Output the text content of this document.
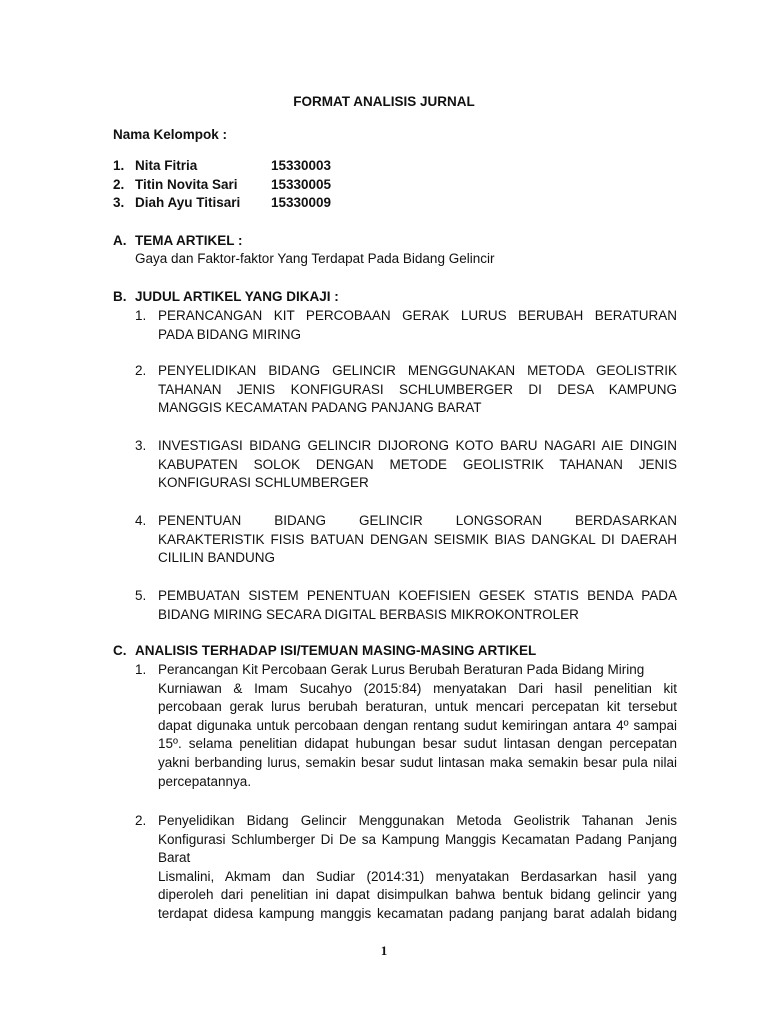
FORMAT ANALISIS JURNAL
Nama Kelompok :
1. Nita Fitria	15330003
2. Titin Novita Sari 15330005
3. Diah Ayu Titisari 15330009
A. TEMA ARTIKEL :
Gaya dan Faktor-faktor Yang Terdapat Pada Bidang Gelincir
B. JUDUL ARTIKEL YANG DIKAJI :
1. PERANCANGAN KIT PERCOBAAN GERAK LURUS BERUBAH BERATURAN
PADA BIDANG MIRING
2. PENYELIDIKAN BIDANG GELINCIR MENGGUNAKAN METODA GEOLISTRIK
TAHANAN JENIS KONFIGURASI SCHLUMBERGER DI DESA KAMPUNG
MANGGIS KECAMATAN PADANG PANJANG BARAT
3. INVESTIGASI BIDANG GELINCIR DIJORONG KOTO BARU NAGARI AIE DINGIN
KABUPATEN SOLOK DENGAN METODE GEOLISTRIK TAHANAN JENIS
KONFIGURASI SCHLUMBERGER
4. PENENTUAN BIDANG GELINCIR LONGSORAN BERDASARKAN
KARAKTERISTIK FISIS BATUAN DENGAN SEISMIK BIAS DANGKAL DI DAERAH
CILILIN BANDUNG
5. PEMBUATAN SISTEM PENENTUAN KOEFISIEN GESEK STATIS BENDA PADA
BIDANG MIRING SECARA DIGITAL BERBASIS MIKROKONTROLER
C. ANALISIS TERHADAP ISI/TEMUAN MASING-MASING ARTIKEL
1. Perancangan Kit Percobaan Gerak Lurus Berubah Beraturan Pada Bidang Miring
Kurniawan & Imam Sucahyo (2015:84) menyatakan Dari hasil penelitian kit
percobaan gerak lurus berubah beraturan, untuk mencari percepatan kit tersebut
dapat digunaka untuk percobaan dengan rentang sudut kemiringan antara 4º sampai
15º. selama penelitian didapat hubungan besar sudut lintasan dengan percepatan
yakni berbanding lurus, semakin besar sudut lintasan maka semakin besar pula nilai
percepatannya.
2. Penyelidikan Bidang Gelincir Menggunakan Metoda Geolistrik Tahanan Jenis
Konfigurasi Schlumberger Di De sa Kampung Manggis Kecamatan Padang Panjang
Barat
Lismalini, Akmam dan Sudiar (2014:31) menyatakan Berdasarkan hasil yang
diperoleh dari penelitian ini dapat disimpulkan bahwa bentuk bidang gelincir yang
terdapat didesa kampung manggis kecamatan padang panjang barat adalah bidang
1
